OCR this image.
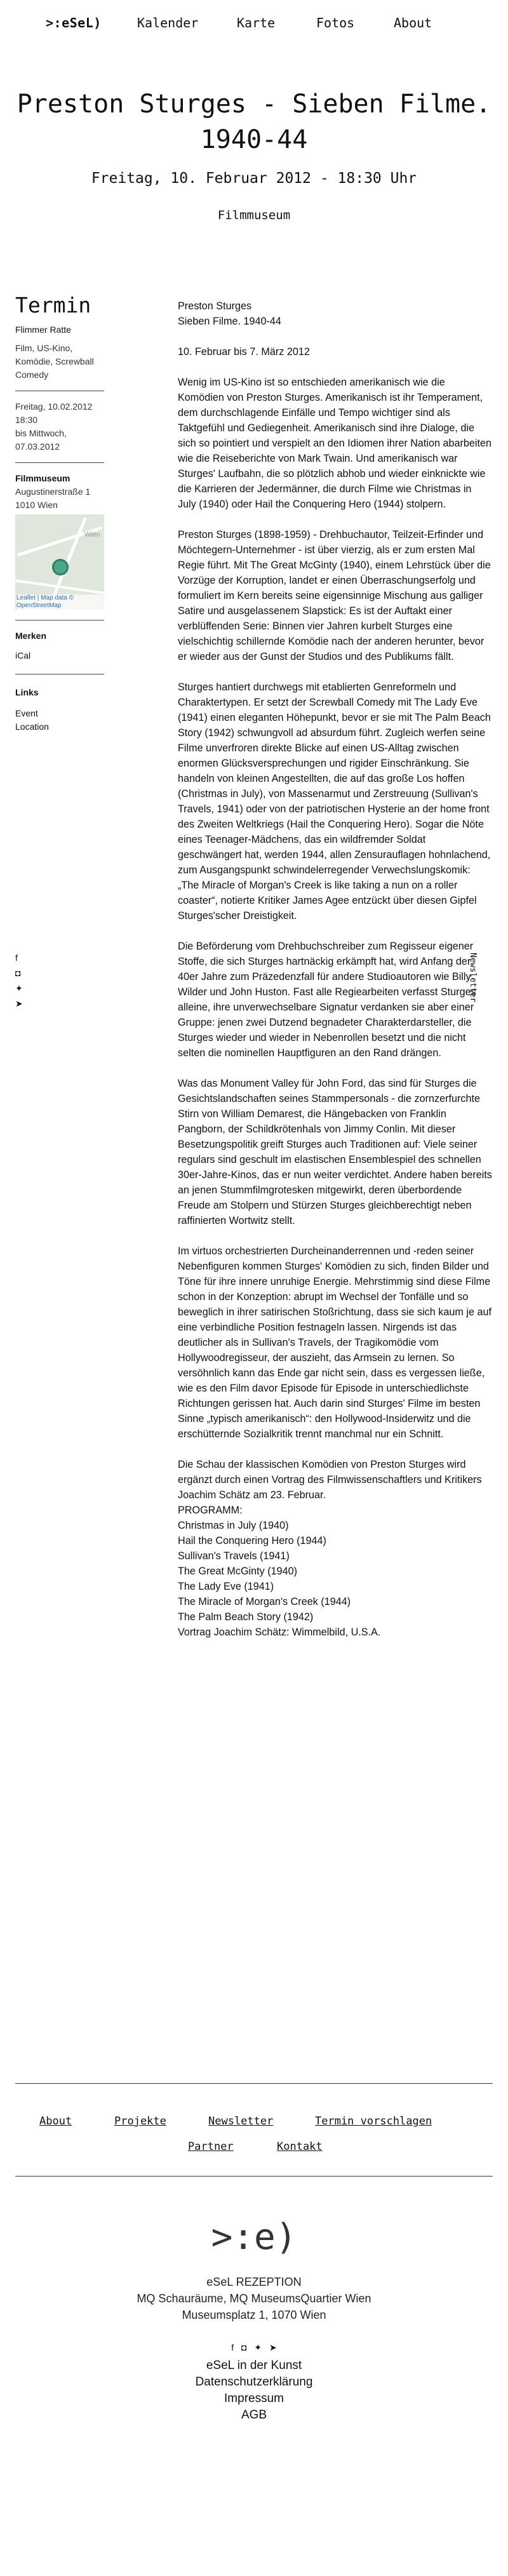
>:eSeL)	Kalender	Karte	Fotos	About
Preston Sturges - Sieben Filme. 1940-44
Freitag, 10. Februar 2012 - 18:30 Uhr
Filmmuseum
Termin
Flimmer Ratte
Film, US-Kino, Komödie, Screwball Comedy
Freitag, 10.02.2012
18:30
bis Mittwoch,
07.03.2012
Filmmuseum
Augustinerstraße 1
1010 Wien
Wien
Leaflet | Map data © OpenStreetMap
Merken
iCal
Links
Event
Location
f
◘
✦
➤
Newsletter

Preston Sturges
Sieben Filme. 1940-44

10. Februar bis 7. März 2012

Wenig im US-Kino ist so entschieden amerikanisch wie die Komödien von Preston Sturges. Amerikanisch ist ihr Temperament, dem durchschlagende Einfälle und Tempo wichtiger sind als Taktgefühl und Gediegenheit. Amerikanisch sind ihre Dialoge, die sich so pointiert und verspielt an den Idiomen ihrer Nation abarbeiten wie die Reiseberichte von Mark Twain. Und amerikanisch war Sturges' Laufbahn, die so plötzlich abhob und wieder einknickte wie die Karrieren der Jedermänner, die durch Filme wie Christmas in July (1940) oder Hail the Conquering Hero (1944) stolpern.

Preston Sturges (1898-1959) - Drehbuchautor, Teilzeit-Erfinder und Möchtegern-Unternehmer - ist über vierzig, als er zum ersten Mal Regie führt. Mit The Great McGinty (1940), einem Lehrstück über die Vorzüge der Korruption, landet er einen Überraschungserfolg und formuliert im Kern bereits seine eigensinnige Mischung aus galliger Satire und ausgelassenem Slapstick: Es ist der Auftakt einer verblüffenden Serie: Binnen vier Jahren kurbelt Sturges eine vielschichtig schillernde Komödie nach der anderen herunter, bevor er wieder aus der Gunst der Studios und des Publikums fällt.

Sturges hantiert durchwegs mit etablierten Genreformeln und Charaktertypen. Er setzt der Screwball Comedy mit The Lady Eve (1941) einen eleganten Höhepunkt, bevor er sie mit The Palm Beach Story (1942) schwungvoll ad absurdum führt. Zugleich werfen seine Filme unverfroren direkte Blicke auf einen US-Alltag zwischen enormen Glücksversprechungen und rigider Einschränkung. Sie handeln von kleinen Angestellten, die auf das große Los hoffen (Christmas in July), von Massenarmut und Zerstreuung (Sullivan's Travels, 1941) oder von der patriotischen Hysterie an der home front des Zweiten Weltkriegs (Hail the Conquering Hero). Sogar die Nöte eines Teenager-Mädchens, das ein wildfremder Soldat geschwängert hat, werden 1944, allen Zensurauflagen hohnlachend, zum Ausgangspunkt schwindelerregender Verwechslungskomik: „The Miracle of Morgan's Creek is like taking a nun on a roller coaster“, notierte Kritiker James Agee entzückt über diesen Gipfel Sturges'scher Dreistigkeit.

Die Beförderung vom Drehbuchschreiber zum Regisseur eigener Stoffe, die sich Sturges hartnäckig erkämpft hat, wird Anfang der 40er Jahre zum Präzedenzfall für andere Studioautoren wie Billy Wilder und John Huston. Fast alle Regiearbeiten verfasst Sturges alleine, ihre unverwechselbare Signatur verdanken sie aber einer Gruppe: jenen zwei Dutzend begnadeter Charakterdarsteller, die Sturges wieder und wieder in Nebenrollen besetzt und die nicht selten die nominellen Hauptfiguren an den Rand drängen.

Was das Monument Valley für John Ford, das sind für Sturges die Gesichtslandschaften seines Stammpersonals - die zornzerfurchte Stirn von William Demarest, die Hängebacken von Franklin Pangborn, der Schildkrötenhals von Jimmy Conlin. Mit dieser Besetzungspolitik greift Sturges auch Traditionen auf: Viele seiner regulars sind geschult im elastischen Ensemblespiel des schnellen 30er-Jahre-Kinos, das er nun weiter verdichtet. Andere haben bereits an jenen Stummfilmgrotesken mitgewirkt, deren überbordende Freude am Stolpern und Stürzen Sturges gleichberechtigt neben raffinierten Wortwitz stellt.

Im virtuos orchestrierten Durcheinanderrennen und -reden seiner Nebenfiguren kommen Sturges' Komödien zu sich, finden Bilder und Töne für ihre innere unruhige Energie. Mehrstimmig sind diese Filme schon in der Konzeption: abrupt im Wechsel der Tonfälle und so beweglich in ihrer satirischen Stoßrichtung, dass sie sich kaum je auf eine verbindliche Position festnageln lassen. Nirgends ist das deutlicher als in Sullivan's Travels, der Tragikomödie vom Hollywoodregisseur, der auszieht, das Armsein zu lernen. So versöhnlich kann das Ende gar nicht sein, dass es vergessen ließe, wie es den Film davor Episode für Episode in unterschiedlichste Richtungen gerissen hat. Auch darin sind Sturges' Filme im besten Sinne „typisch amerikanisch“: den Hollywood-Insiderwitz und die erschütternde Sozialkritik trennt manchmal nur ein Schnitt.

Die Schau der klassischen Komödien von Preston Sturges wird ergänzt durch einen Vortrag des Filmwissenschaftlers und Kritikers Joachim Schätz am 23. Februar.
PROGRAMM:
Christmas in July (1940)
Hail the Conquering Hero (1944)
Sullivan's Travels (1941)
The Great McGinty (1940)
The Lady Eve (1941)
The Miracle of Morgan's Creek (1944)
The Palm Beach Story (1942)
Vortrag Joachim Schätz: Wimmelbild, U.S.A.

About	Projekte	Newsletter	Termin vorschlagen
Partner	Kontakt
>:e)
eSeL REZEPTION
MQ Schauräume, MQ MuseumsQuartier Wien
Museumsplatz 1, 1070 Wien
f ◘ ✦ ➤
eSeL in der Kunst
Datenschutzerklärung
Impressum
AGB
